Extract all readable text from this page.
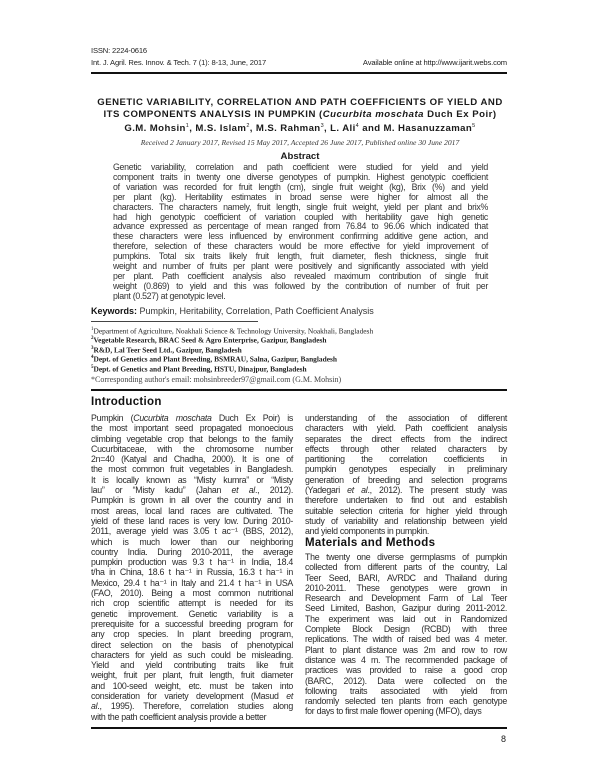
ISSN: 2224-0616
Int. J. Agril. Res. Innov. & Tech. 7 (1): 8-13, June, 2017	Available online at http://www.ijarit.webs.com
GENETIC VARIABILITY, CORRELATION AND PATH COEFFICIENTS OF YIELD AND
ITS COMPONENTS ANALYSIS IN PUMPKIN (Cucurbita moschata Duch Ex Poir)
G.M. Mohsin$^1$, M.S. Islam$^2$, M.S. Rahman$^3$, L. Ali$^4$ and M. Hasanuzzaman$^5$
Received 2 January 2017, Revised 15 May 2017, Accepted 26 June 2017, Published online 30 June 2017
Abstract
Genetic variability, correlation and path coefficient were studied for yield and yield
component traits in twenty one diverse genotypes of pumpkin. Highest genotypic coefficient
of variation was recorded for fruit length (cm), single fruit weight (kg), Brix (%) and yield
per plant (kg). Heritability estimates in broad sense were higher for almost all the
characters. The characters namely, fruit length, single fruit weight, yield per plant and brix%
had high genotypic coefficient of variation coupled with heritability gave high genetic
advance expressed as percentage of mean ranged from 76.84 to 96.06 which indicated that
these characters were less influenced by environment confirming additive gene action, and
therefore, selection of these characters would be more effective for yield improvement of
pumpkins. Total six traits likely fruit length, fruit diameter, flesh thickness, single fruit
weight and number of fruits per plant were positively and significantly associated with yield
per plant. Path coefficient analysis also revealed maximum contribution of single fruit
weight (0.869) to yield and this was followed by the contribution of number of fruit per
plant (0.527) at genotypic level.
Keywords: Pumpkin, Heritability, Correlation, Path Coefficient Analysis
$^1$Department of Agriculture, Noakhali Science & Technology University, Noakhali, Bangladesh
$^2$Vegetable Research, BRAC Seed & Agro Enterprise, Gazipur, Bangladesh
$^3$R&D, Lal Teer Seed Ltd., Gazipur, Bangladesh
$^4$Dept. of Genetics and Plant Breeding, BSMRAU, Salna, Gazipur, Bangladesh
$^5$Dept. of Genetics and Plant Breeding, HSTU, Dinajpur, Bangladesh
*Corresponding author's email: mohsinbreeder97@gmail.com (G.M. Mohsin)
Introduction
Pumpkin (Cucurbita moschata Duch Ex Poir) is
the most important seed propagated monoecious
climbing vegetable crop that belongs to the family
Cucurbitaceae, with the chromosome number
2n=40 (Katyal and Chadha, 2000). It is one of
the most common fruit vegetables in Bangladesh.
It is locally known as “Misty kumra” or “Misty
lau” or “Misty kadu” (Jahan et al., 2012).
Pumpkin is grown in all over the country and in
most areas, local land races are cultivated. The
yield of these land races is very low. During 2010-
2011, average yield was 3.05 t ac⁻¹ (BBS, 2012),
which is much lower than our neighboring
country India. During 2010-2011, the average
pumpkin production was 9.3 t ha⁻¹ in India, 18.4
t/ha in China, 18.6 t ha⁻¹ in Russia, 16.3 t ha⁻¹ in
Mexico, 29.4 t ha⁻¹ in Italy and 21.4 t ha⁻¹ in USA
(FAO, 2010). Being a most common nutritional
rich crop scientific attempt is needed for its
genetic improvement. Genetic variability is a
prerequisite for a successful breeding program for
any crop species. In plant breeding program,
direct selection on the basis of phenotypical
characters for yield as such could be misleading.
Yield and yield contributing traits like fruit
weight, fruit per plant, fruit length, fruit diameter
and 100-seed weight, etc. must be taken into
consideration for variety development (Masud et
al., 1995). Therefore, correlation studies along
with the path coefficient analysis provide a better
understanding of the association of different
characters with yield. Path coefficient analysis
separates the direct effects from the indirect
effects through other related characters by
partitioning the correlation coefficients in
pumpkin genotypes especially in preliminary
generation of breeding and selection programs
(Yadegari et al., 2012). The present study was
therefore undertaken to find out and establish
suitable selection criteria for higher yield through
study of variability and relationship between yield
and yield components in pumpkin.
Materials and Methods
The twenty one diverse germplasms of pumpkin
collected from different parts of the country, Lal
Teer Seed, BARI, AVRDC and Thailand during
2010-2011. These genotypes were grown in
Research and Development Farm of Lal Teer
Seed Limited, Bashon, Gazipur during 2011-2012.
The experiment was laid out in Randomized
Complete Block Design (RCBD) with three
replications. The width of raised bed was 4 meter.
Plant to plant distance was 2m and row to row
distance was 4 m. The recommended package of
practices was provided to raise a good crop
(BARC, 2012). Data were collected on the
following traits associated with yield from
randomly selected ten plants from each genotype
for days to first male flower opening (MFO), days
8
